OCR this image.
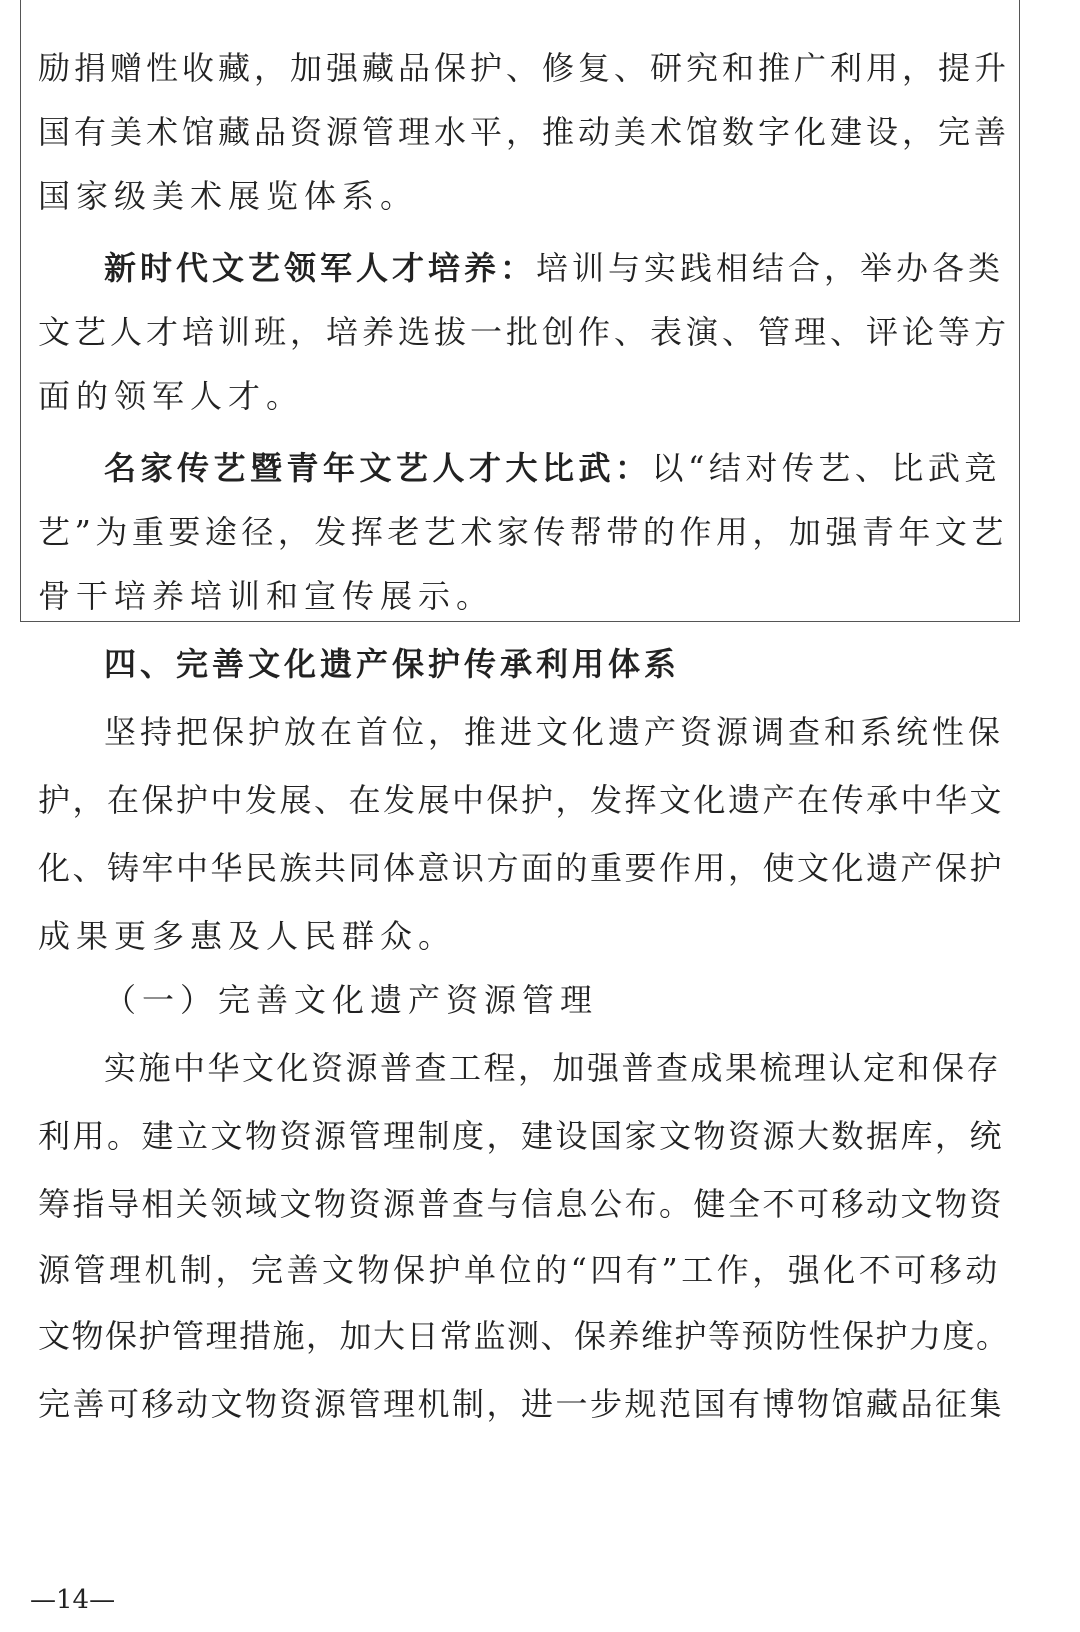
励捐赠性收藏，加强藏品保护、修复、研究和推广利用，提升
国有美术馆藏品资源管理水平，推动美术馆数字化建设，完善
国家级美术展览体系。
新时代文艺领军人才培养：培训与实践相结合，举办各类
文艺人才培训班，培养选拔一批创作、表演、管理、评论等方
面的领军人才。
名家传艺暨青年文艺人才大比武：以“结对传艺、比武竞
艺”为重要途径，发挥老艺术家传帮带的作用，加强青年文艺
骨干培养培训和宣传展示。
四、完善文化遗产保护传承利用体系
坚持把保护放在首位，推进文化遗产资源调查和系统性保
护，在保护中发展、在发展中保护，发挥文化遗产在传承中华文
化、铸牢中华民族共同体意识方面的重要作用，使文化遗产保护
成果更多惠及人民群众。
（一）完善文化遗产资源管理
实施中华文化资源普查工程，加强普查成果梳理认定和保存
利用。建立文物资源管理制度，建设国家文物资源大数据库，统
筹指导相关领域文物资源普查与信息公布。健全不可移动文物资
源管理机制，完善文物保护单位的“四有”工作，强化不可移动
文物保护管理措施，加大日常监测、保养维护等预防性保护力度。
完善可移动文物资源管理机制，进一步规范国有博物馆藏品征集
—14—
